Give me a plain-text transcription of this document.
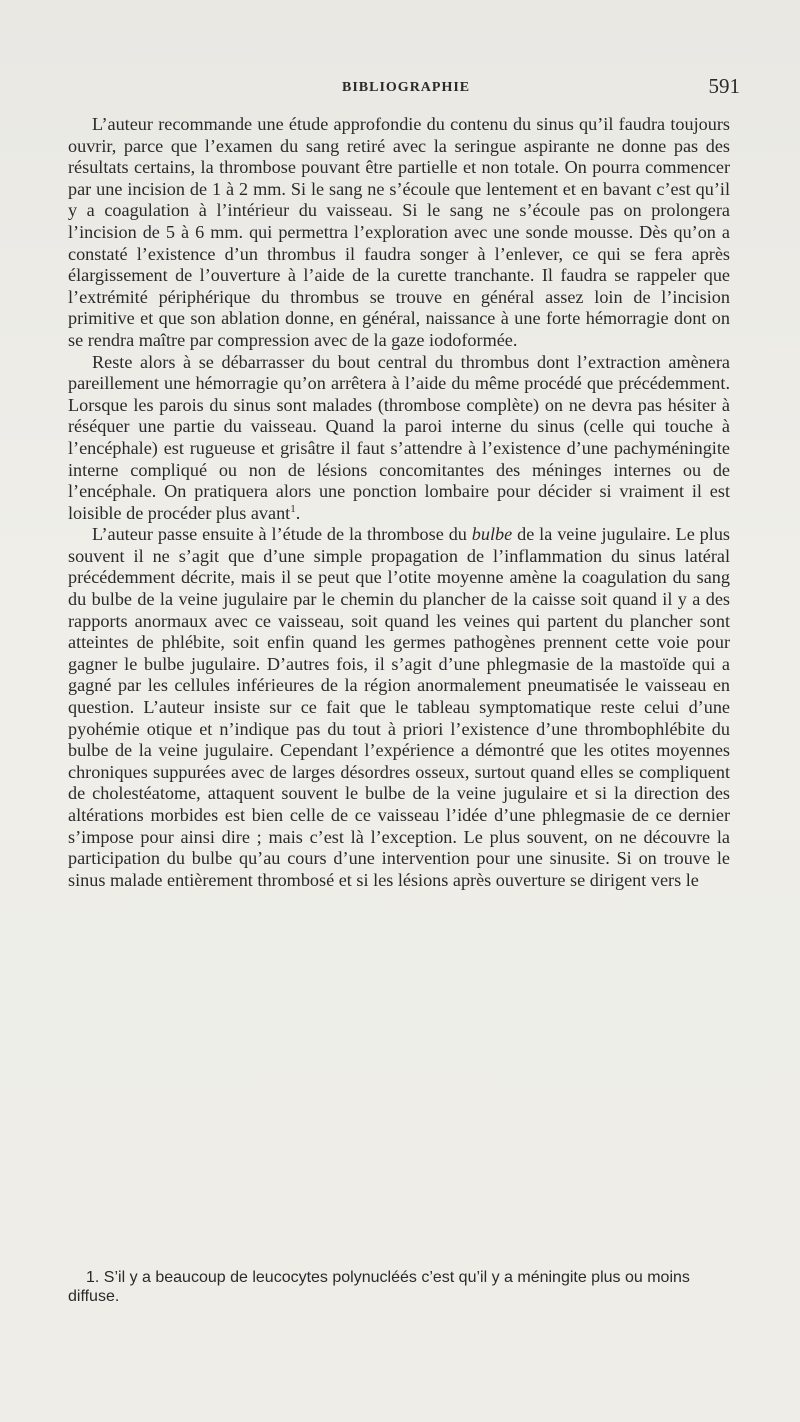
BIBLIOGRAPHIE	591

L’auteur recommande une étude approfondie du contenu du sinus qu’il faudra toujours ouvrir, parce que l’examen du sang retiré avec la seringue aspirante ne donne pas des résultats certains, la thrombose pouvant être partielle et non totale. On pourra commencer par une incision de 1 à 2 mm. Si le sang ne s’écoule que lentement et en bavant c’est qu’il y a coagulation à l’intérieur du vaisseau. Si le sang ne s’écoule pas on prolongera l’incision de 5 à 6 mm. qui permettra l’exploration avec une sonde mousse. Dès qu’on a constaté l’existence d’un thrombus il faudra songer à l’enlever, ce qui se fera après élargissement de l’ouverture à l’aide de la curette tranchante. Il faudra se rappeler que l’extrémité périphérique du thrombus se trouve en général assez loin de l’incision primitive et que son ablation donne, en général, naissance à une forte hémorragie dont on se rendra maître par compression avec de la gaze iodoformée.

Reste alors à se débarrasser du bout central du thrombus dont l’extraction amènera pareillement une hémorragie qu’on arrêtera à l’aide du même procédé que précédemment. Lorsque les parois du sinus sont malades (thrombose complète) on ne devra pas hésiter à réséquer une partie du vaisseau. Quand la paroi interne du sinus (celle qui touche à l’encéphale) est rugueuse et grisâtre il faut s’attendre à l’existence d’une pachyméningite interne compliqué ou non de lésions concomitantes des méninges internes ou de l’encéphale. On pratiquera alors une ponction lombaire pour décider si vraiment il est loisible de procéder plus avant$^1$.

L’auteur passe ensuite à l’étude de la thrombose du bulbe de la veine jugulaire. Le plus souvent il ne s’agit que d’une simple propagation de l’inflammation du sinus latéral précédemment décrite, mais il se peut que l’otite moyenne amène la coagulation du sang du bulbe de la veine jugulaire par le chemin du plancher de la caisse soit quand il y a des rapports anormaux avec ce vaisseau, soit quand les veines qui partent du plancher sont atteintes de phlébite, soit enfin quand les germes pathogènes prennent cette voie pour gagner le bulbe jugulaire. D’autres fois, il s’agit d’une phlegmasie de la mastoïde qui a gagné par les cellules inférieures de la région anormalement pneumatisée le vaisseau en question. L’auteur insiste sur ce fait que le tableau symptomatique reste celui d’une pyohémie otique et n’indique pas du tout à priori l’existence d’une thrombophlébite du bulbe de la veine jugulaire. Cependant l’expérience a démontré que les otites moyennes chroniques suppurées avec de larges désordres osseux, surtout quand elles se compliquent de cholestéatome, attaquent souvent le bulbe de la veine jugulaire et si la direction des altérations morbides est bien celle de ce vaisseau l’idée d’une phlegmasie de ce dernier s’impose pour ainsi dire ; mais c’est là l’exception. Le plus souvent, on ne découvre la participation du bulbe qu’au cours d’une intervention pour une sinusite. Si on trouve le sinus malade entièrement thrombosé et si les lésions après ouverture se dirigent vers le

1. S’il y a beaucoup de leucocytes polynucléés c’est qu’il y a méningite plus ou moins diffuse.
